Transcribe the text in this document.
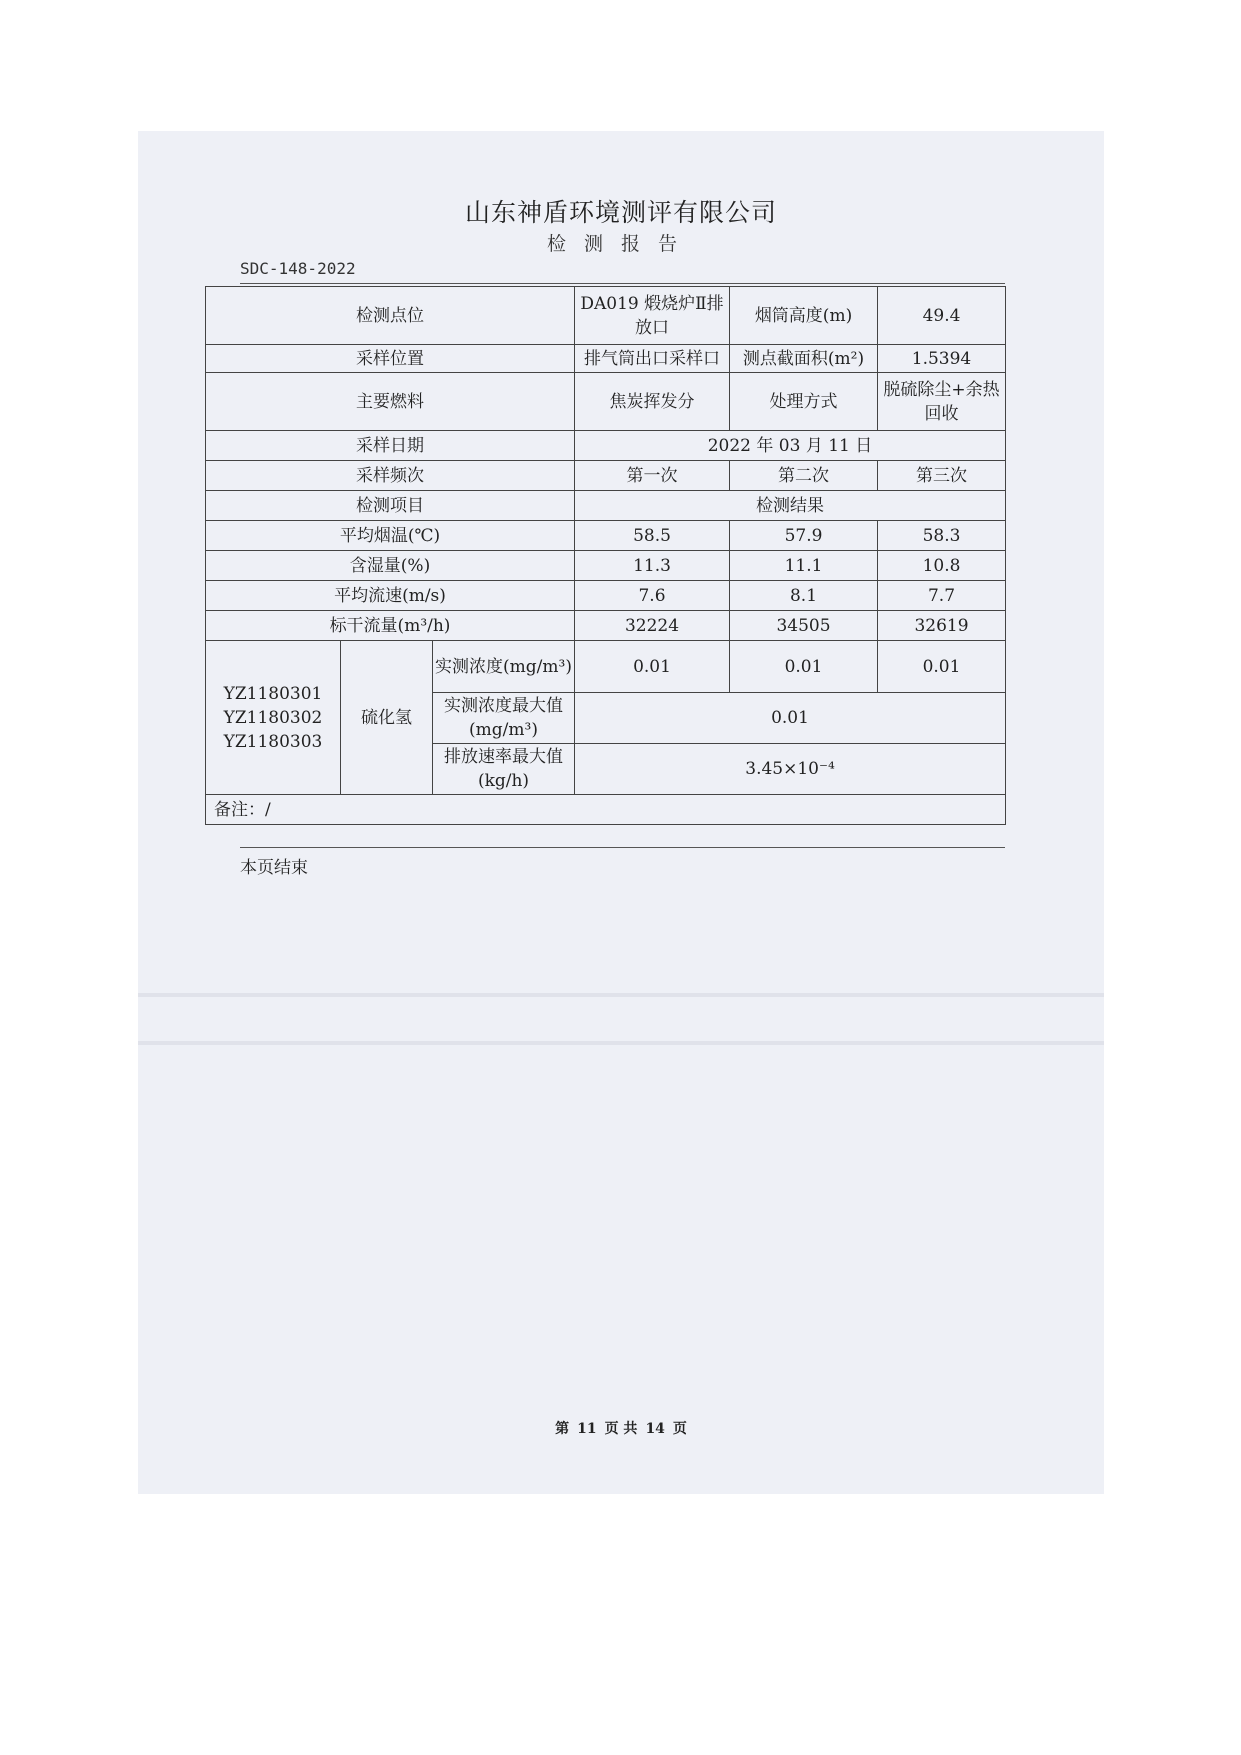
山东神盾环境测评有限公司
检测报告
SDC-148-2022
检测点位			DA019 煅烧炉Ⅱ排放口	烟筒高度(m)	49.4
采样位置			排气筒出口采样口	测点截面积(m²)	1.5394
主要燃料			焦炭挥发分	处理方式	脱硫除尘+余热回收
采样日期			2022 年 03 月 11 日		
采样频次			第一次	第二次	第三次
检测项目			检测结果		
平均烟温(℃)			58.5	57.9	58.3
含湿量(%)			11.3	11.1	10.8
平均流速(m/s)			7.6	8.1	7.7
标干流量(m³/h)			32224	34505	32619

YZ1180301
YZ1180302
YZ1180303	硫化氢	实测浓度(mg/m³)	0.01	0.01	0.01
		实测浓度最大值(mg/m³)	0.01		
		排放速率最大值(kg/h)	3.45×10⁻⁴		
备注：/					
本页结束
第 11 页 共 14 页
